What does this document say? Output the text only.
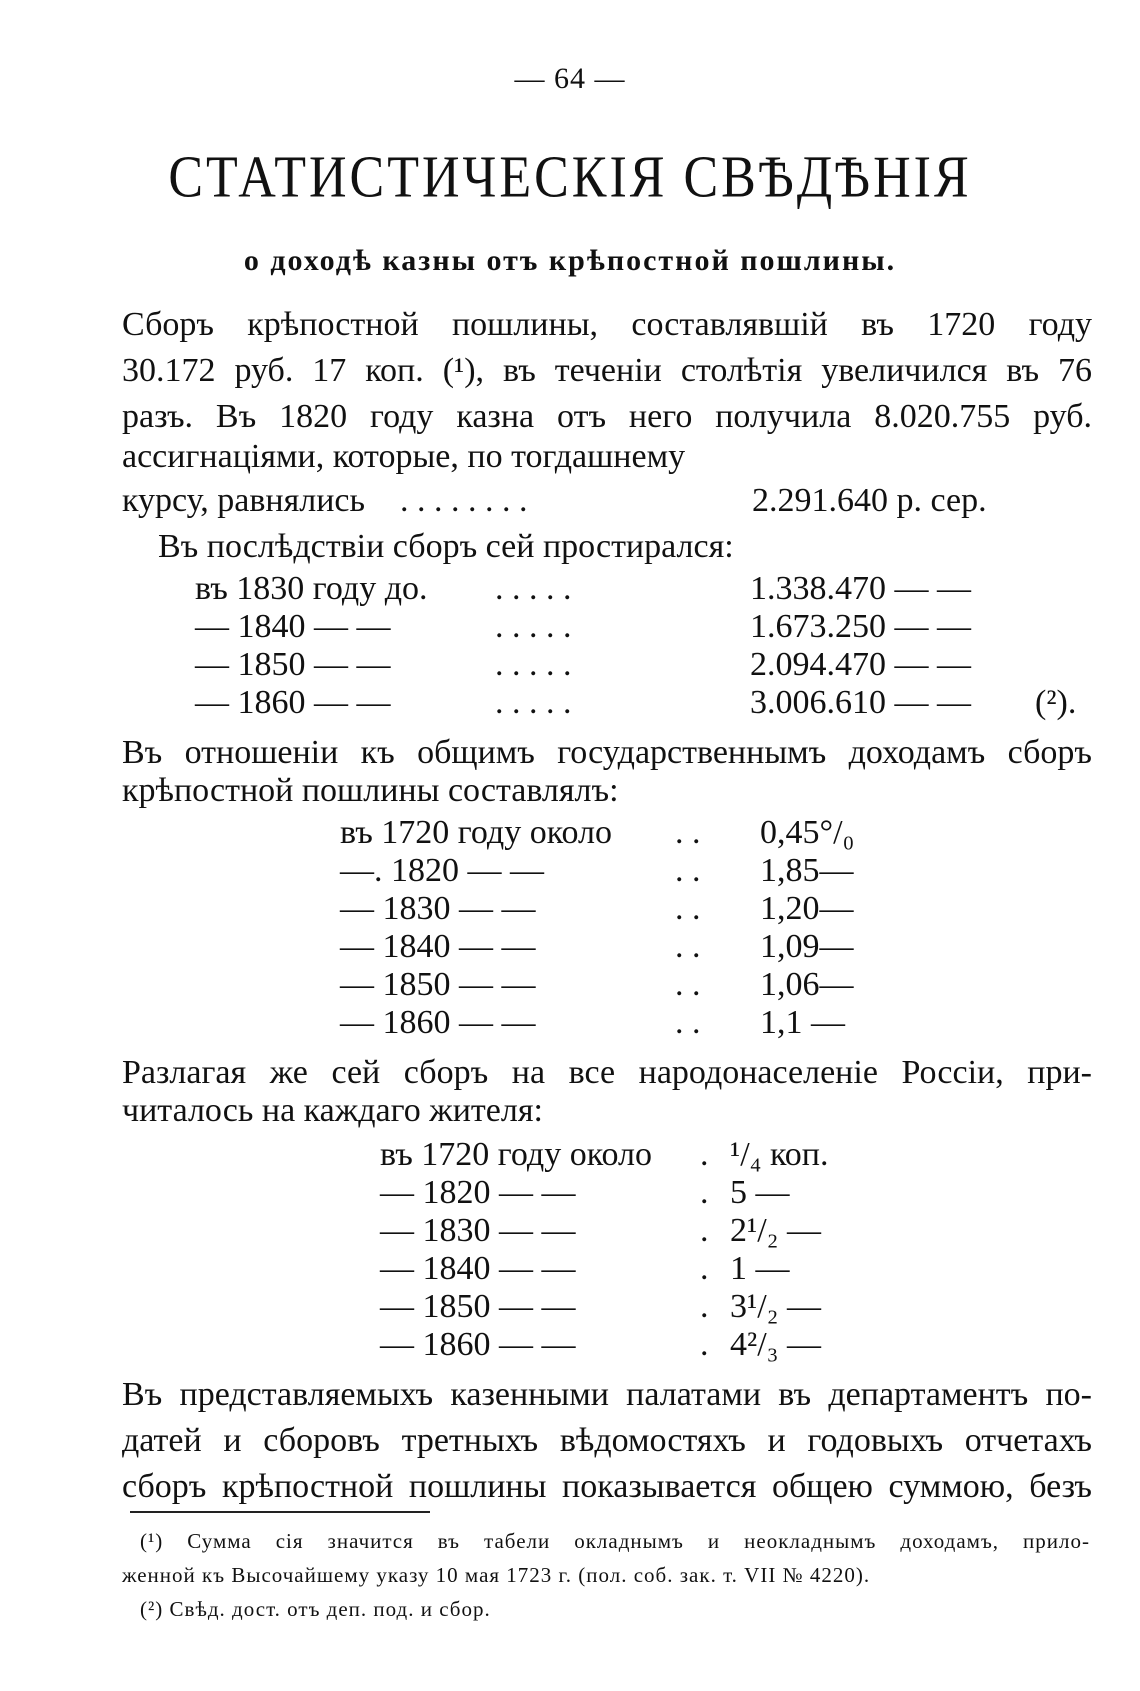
— 64 —
СТАТИСТИЧЕСКІЯ СВѢДѢНІЯ
о доходѣ казны отъ крѣпостной пошлины.
Сборъ крѣпостной пошлины, составлявшій въ 1720 году
30.172 руб. 17 коп. (¹), въ теченіи столѣтія увеличился въ 76
разъ. Въ 1820 году казна отъ него получила 8.020.755 руб.
ассигнаціями, которые, по тогдашнему
курсу, равнялись . . . . . . . .	2.291.640 р. сер.
Въ послѣдствіи сборъ сей простирался:
въ 1830 году до. . . . . .	1.338.470 — —
— 1840 — —	. . . . .	1.673.250 — —
— 1850 — —	. . . . .	2.094.470 — —
— 1860 — —	. . . . .	3.006.610 — — (²).
Въ отношеніи къ общимъ государственнымъ доходамъ сборъ
крѣпостной пошлины составлялъ:
въ 1720 году около . . 0,45°/₀
—. 1820 — —	. . 1,85—
— 1830 — —	. . 1,20—
— 1840 — —	. . 1,09—
— 1850 — —	. . 1,06—
— 1860 — —	. . 1,1 —
Разлагая же сей сборъ на все народонаселеніе Россіи, при-
читалось на каждаго жителя:
въ 1720 году около . ¹/₄ коп.
— 1820 — —	. 5 —
— 1830 — —	. 2¹/₂ —
— 1840 — —	. 1 —
— 1850 — —	. 3¹/₂ —
— 1860 — —	. 4²/₃ —
Въ представляемыхъ казенными палатами въ департаментъ по-
датей и сборовъ третныхъ вѣдомостяхъ и годовыхъ отчетахъ
сборъ крѣпостной пошлины показывается общею суммою, безъ
(¹) Сумма сія значится въ табели окладнымъ и неокладнымъ доходамъ, прило-
женной къ Высочайшему указу 10 мая 1723 г. (пол. соб. зак. т. VII № 4220).
(²) Свѣд. дост. отъ деп. под. и сбор.
